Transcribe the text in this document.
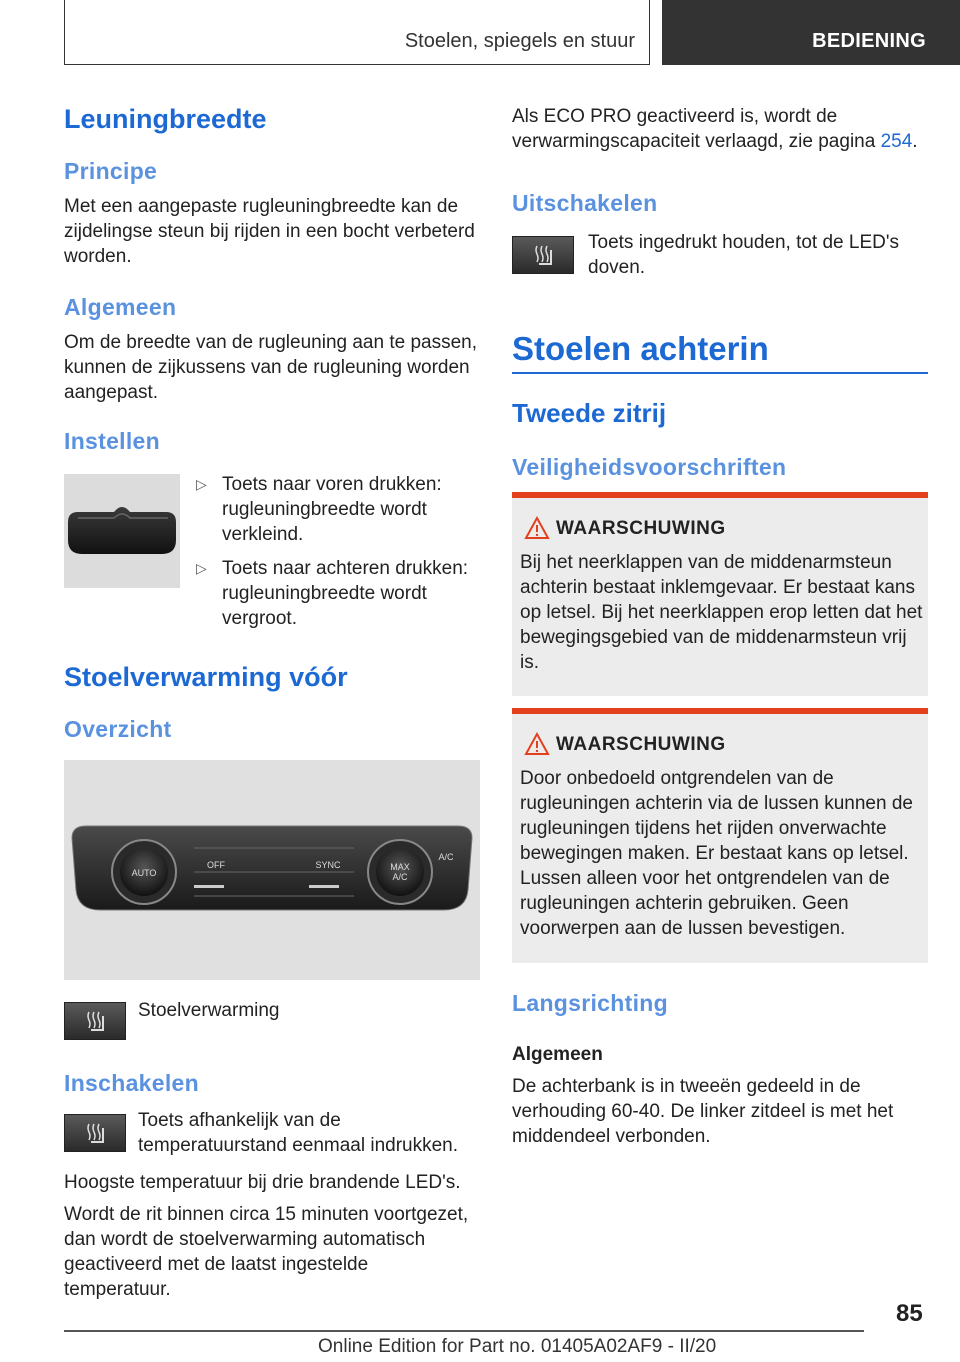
Stoelen, spiegels en stuur	BEDIENING
Leuningbreedte
Principe
Met een aangepaste rugleuningbreedte kan de zijdelingse steun bij rijden in een bocht verbeterd worden.
Algemeen
Om de breedte van de rugleuning aan te passen, kunnen de zijkussens van de rugleuning worden aangepast.
Instellen
▷ Toets naar voren drukken: rugleuningbreedte wordt verkleind.
▷ Toets naar achteren drukken: rugleuningbreedte wordt vergroot.
Stoelverwarming vóór
Overzicht
AUTO
OFF	SYNC	MAX
A/C
A/C
▬▬▬	▬▬▬
Stoelverwarming
Inschakelen
Toets afhankelijk van de temperatuurstand eenmaal indrukken.
Hoogste temperatuur bij drie brandende LED's.
Wordt de rit binnen circa 15 minuten voortgezet, dan wordt de stoelverwarming automatisch geactiveerd met de laatst ingestelde temperatuur.
Als ECO PRO geactiveerd is, wordt de verwarmingscapaciteit verlaagd, zie pagina 254.
Uitschakelen
Toets ingedrukt houden, tot de LED's doven.
Stoelen achterin
Tweede zitrij
Veiligheidsvoorschriften
WAARSCHUWING
Bij het neerklappen van de middenarmsteun achterin bestaat inklemgevaar. Er bestaat kans op letsel. Bij het neerklappen erop letten dat het bewegingsgebied van de middenarmsteun vrij is.
WAARSCHUWING
Door onbedoeld ontgrendelen van de rugleuningen achterin via de lussen kunnen de rugleuningen tijdens het rijden onverwachte bewegingen maken. Er bestaat kans op letsel. Lussen alleen voor het ontgrendelen van de rugleuningen achterin gebruiken. Geen voorwerpen aan de lussen bevestigen.
Langsrichting
Algemeen
De achterbank is in tweeën gedeeld in de verhouding 60-40. De linker zitdeel is met het middendeel verbonden.
85
Online Edition for Part no. 01405A02AF9 - II/20
